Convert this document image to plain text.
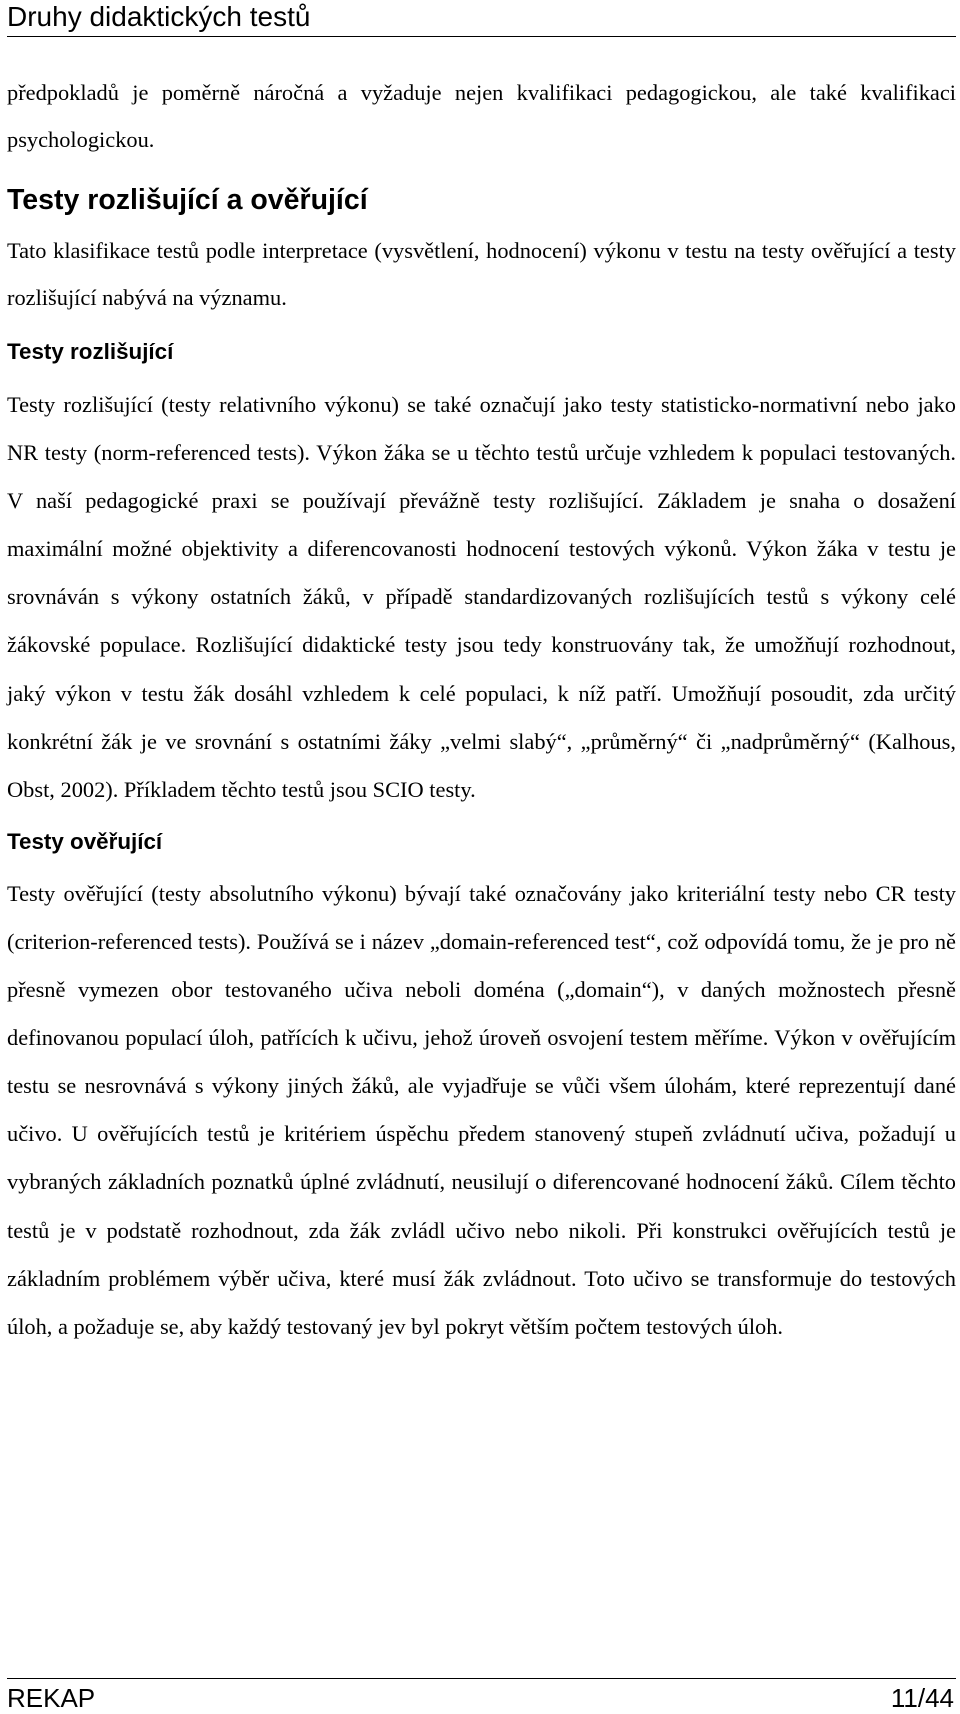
Druhy didaktických testů

předpokladů je poměrně náročná a vyžaduje nejen kvalifikaci pedagogickou, ale také kvalifikaci psychologickou.

Testy rozlišující a ověřující

Tato klasifikace testů podle interpretace (vysvětlení, hodnocení) výkonu v testu na testy ověřující a testy rozlišující nabývá na významu.

Testy rozlišující

Testy rozlišující (testy relativního výkonu) se také označují jako testy statisticko-normativní nebo jako NR testy (norm-referenced tests). Výkon žáka se u těchto testů určuje vzhledem k populaci testovaných. V naší pedagogické praxi se používají převážně testy rozlišující. Základem je snaha o dosažení maximální možné objektivity a diferencovanosti hodnocení testových výkonů. Výkon žáka v testu je srovnáván s výkony ostatních žáků, v případě standardizovaných rozlišujících testů s výkony celé žákovské populace. Rozlišující didaktické testy jsou tedy konstruovány tak, že umožňují rozhodnout, jaký výkon v testu žák dosáhl vzhledem k celé populaci, k níž patří. Umožňují posoudit, zda určitý konkrétní žák je ve srovnání s ostatními žáky „velmi slabý“, „průměrný“ či „nadprůměrný“ (Kalhous, Obst, 2002). Příkladem těchto testů jsou SCIO testy.

Testy ověřující

Testy ověřující (testy absolutního výkonu) bývají také označovány jako kriteriální testy nebo CR testy (criterion-referenced tests). Používá se i název „domain-referenced test“, což odpovídá tomu, že je pro ně přesně vymezen obor testovaného učiva neboli doména („domain“), v daných možnostech přesně definovanou populací úloh, patřících k učivu, jehož úroveň osvojení testem měříme. Výkon v ověřujícím testu se nesrovnává s výkony jiných žáků, ale vyjadřuje se vůči všem úlohám, které reprezentují dané učivo. U ověřujících testů je kritériem úspěchu předem stanovený stupeň zvládnutí učiva, požadují u vybraných základních poznatků úplné zvládnutí, neusilují o diferencované hodnocení žáků. Cílem těchto testů je v podstatě rozhodnout, zda žák zvládl učivo nebo nikoli. Při konstrukci ověřujících testů je základním problémem výběr učiva, které musí žák zvládnout. Toto učivo se transformuje do testových úloh, a požaduje se, aby každý testovaný jev byl pokryt větším počtem testových úloh.

REKAP	11/44
